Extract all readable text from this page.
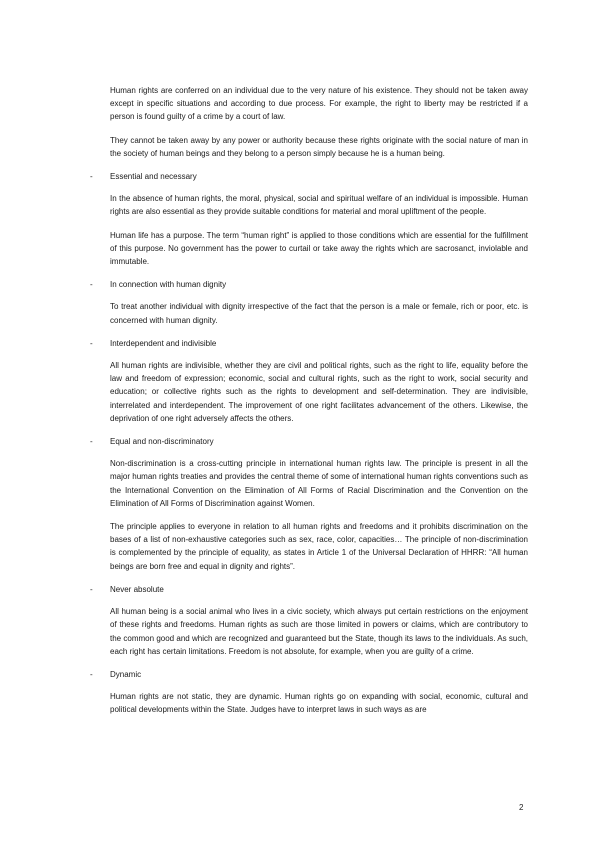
Human rights are conferred on an individual due to the very nature of his existence. They should not be taken away except in specific situations and according to due process. For example, the right to liberty may be restricted if a person is found guilty of a crime by a court of law.

They cannot be taken away by any power or authority because these rights originate with the social nature of man in the society of human beings and they belong to a person simply because he is a human being.

- Essential and necessary

In the absence of human rights, the moral, physical, social and spiritual welfare of an individual is impossible. Human rights are also essential as they provide suitable conditions for material and moral upliftment of the people.

Human life has a purpose. The term “human right” is applied to those conditions which are essential for the fulfillment of this purpose. No government has the power to curtail or take away the rights which are sacrosanct, inviolable and immutable.

- In connection with human dignity

To treat another individual with dignity irrespective of the fact that the person is a male or female, rich or poor, etc. is concerned with human dignity.

- Interdependent and indivisible

All human rights are indivisible, whether they are civil and political rights, such as the right to life, equality before the law and freedom of expression; economic, social and cultural rights, such as the right to work, social security and education; or collective rights such as the rights to development and self-determination. They are indivisible, interrelated and interdependent. The improvement of one right facilitates advancement of the others. Likewise, the deprivation of one right adversely affects the others.

- Equal and non-discriminatory

Non-discrimination is a cross-cutting principle in international human rights law. The principle is present in all the major human rights treaties and provides the central theme of some of international human rights conventions such as the International Convention on the Elimination of All Forms of Racial Discrimination and the Convention on the Elimination of All Forms of Discrimination against Women.

The principle applies to everyone in relation to all human rights and freedoms and it prohibits discrimination on the bases of a list of non-exhaustive categories such as sex, race, color, capacities… The principle of non-discrimination is complemented by the principle of equality, as states in Article 1 of the Universal Declaration of HHRR: “All human beings are born free and equal in dignity and rights”.

- Never absolute

All human being is a social animal who lives in a civic society, which always put certain restrictions on the enjoyment of these rights and freedoms. Human rights as such are those limited in powers or claims, which are contributory to the common good and which are recognized and guaranteed but the State, though its laws to the individuals. As such, each right has certain limitations. Freedom is not absolute, for example, when you are guilty of a crime.

- Dynamic

Human rights are not static, they are dynamic. Human rights go on expanding with social, economic, cultural and political developments within the State. Judges have to interpret laws in such ways as are

2
